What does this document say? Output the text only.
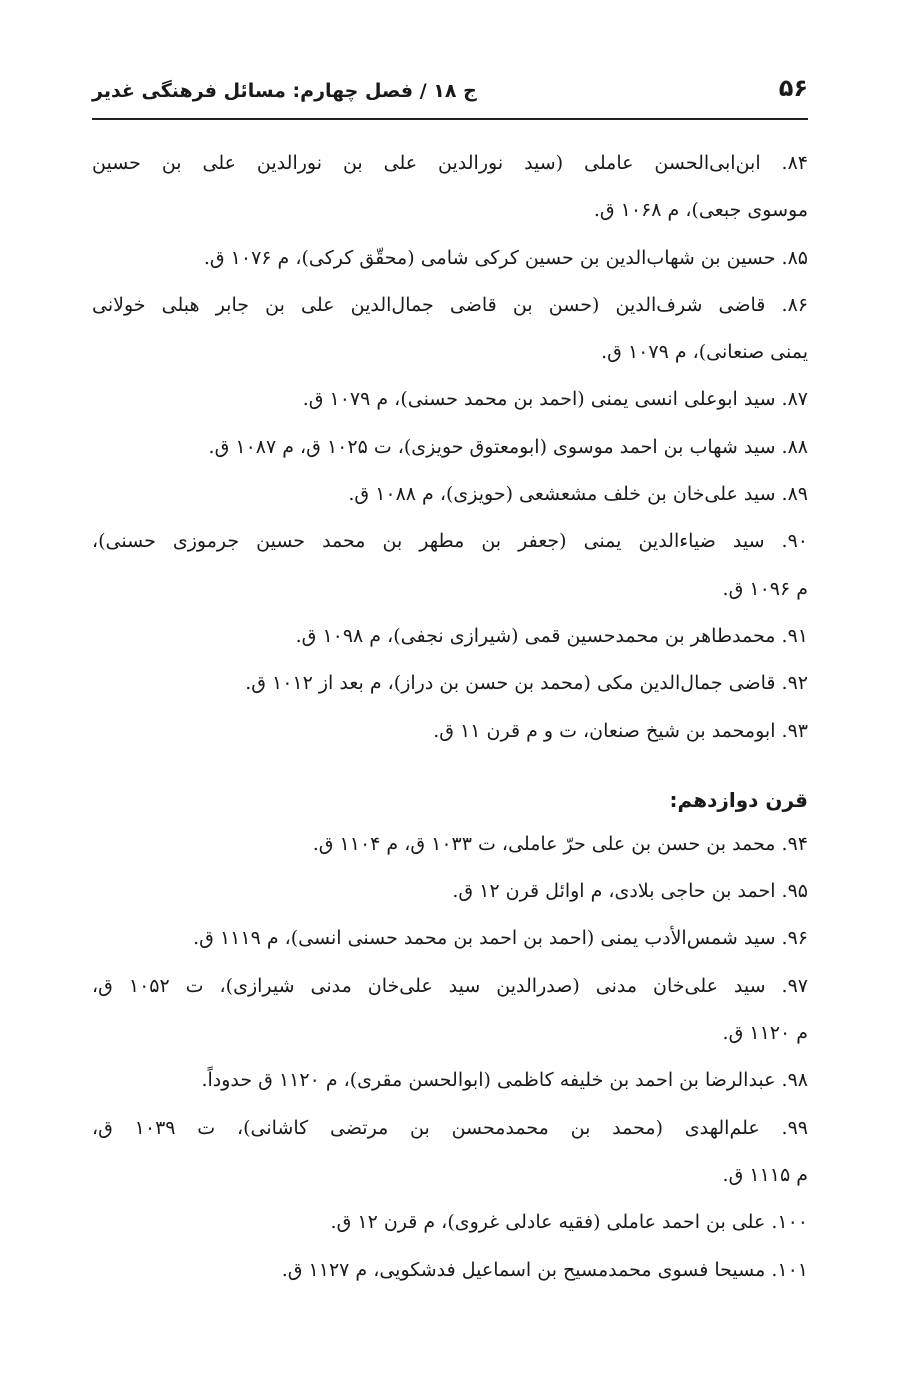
۵۶
ج ۱۸ / فصل چهارم: مسائل فرهنگی غدیر
۸۴. ابن‌ابی‌الحسن عاملی (سید نورالدین علی بن نورالدین علی بن حسین
موسوی جبعی)، م ۱۰۶۸ ق.
۸۵. حسین بن شهاب‌الدین بن حسین کرکی شامی (محقّق کرکی)، م ۱۰۷۶ ق.
۸۶. قاضی شرف‌الدین (حسن بن قاضی جمال‌الدین علی بن جابر هبلی خولانی
یمنی صنعانی)، م ۱۰۷۹ ق.
۸۷. سید ابوعلی انسی یمنی (احمد بن محمد حسنی)، م ۱۰۷۹ ق.
۸۸. سید شهاب بن احمد موسوی (ابومعتوق حویزی)، ت ۱۰۲۵ ق، م ۱۰۸۷ ق.
۸۹. سید علی‌خان بن خلف مشعشعی (حویزی)، م ۱۰۸۸ ق.
۹۰. سید ضیاءالدین یمنی (جعفر بن مطهر بن محمد حسین جرموزی حسنی)،
م ۱۰۹۶ ق.
۹۱. محمدطاهر بن محمدحسین قمی (شیرازی نجفی)، م ۱۰۹۸ ق.
۹۲. قاضی جمال‌الدین مکی (محمد بن حسن بن دراز)، م بعد از ۱۰۱۲ ق.
۹۳. ابومحمد بن شیخ صنعان، ت و م قرن ۱۱ ق.
قرن دوازدهم:
۹۴. محمد بن حسن بن علی حرّ عاملی، ت ۱۰۳۳ ق، م ۱۱۰۴ ق.
۹۵. احمد بن حاجی بلادی، م اوائل قرن ۱۲ ق.
۹۶. سید شمس‌الأدب یمنی (احمد بن احمد بن محمد حسنی انسی)، م ۱۱۱۹ ق.
۹۷. سید علی‌خان مدنی (صدرالدین سید علی‌خان مدنی شیرازی)، ت ۱۰۵۲ ق،
م ۱۱۲۰ ق.
۹۸. عبدالرضا بن احمد بن خلیفه کاظمی (ابوالحسن مقری)، م ۱۱۲۰ ق حدوداً.
۹۹. علم‌الهدی (محمد بن محمدمحسن بن مرتضی کاشانی)، ت ۱۰۳۹ ق،
م ۱۱۱۵ ق.
۱۰۰. علی بن احمد عاملی (فقیه عادلی غروی)، م قرن ۱۲ ق.
۱۰۱. مسیحا فسوی محمدمسیح بن اسماعیل فدشکویی، م ۱۱۲۷ ق.
